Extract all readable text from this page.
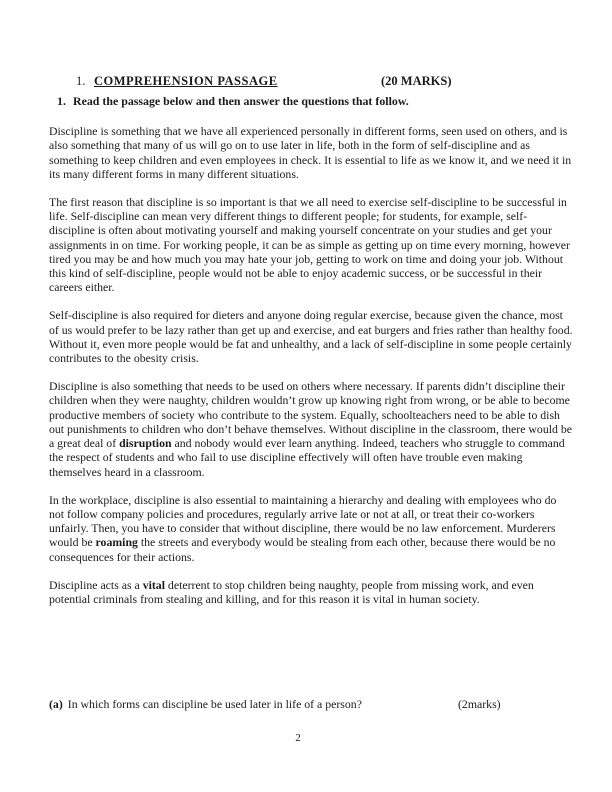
1. COMPREHENSION PASSAGE	(20 MARKS)
1. Read the passage below and then answer the questions that follow.

Discipline is something that we have all experienced personally in different forms, seen used on others, and is also something that many of us will go on to use later in life, both in the form of self-discipline and as something to keep children and even employees in check. It is essential to life as we know it, and we need it in its many different forms in many different situations.

The first reason that discipline is so important is that we all need to exercise self-discipline to be successful in life. Self-discipline can mean very different things to different people; for students, for example, self-discipline is often about motivating yourself and making yourself concentrate on your studies and get your assignments in on time. For working people, it can be as simple as getting up on time every morning, however tired you may be and how much you may hate your job, getting to work on time and doing your job. Without this kind of self-discipline, people would not be able to enjoy academic success, or be successful in their careers either.

Self-discipline is also required for dieters and anyone doing regular exercise, because given the chance, most of us would prefer to be lazy rather than get up and exercise, and eat burgers and fries rather than healthy food. Without it, even more people would be fat and unhealthy, and a lack of self-discipline in some people certainly contributes to the obesity crisis.

Discipline is also something that needs to be used on others where necessary. If parents didn’t discipline their children when they were naughty, children wouldn’t grow up knowing right from wrong, or be able to become productive members of society who contribute to the system. Equally, schoolteachers need to be able to dish out punishments to children who don’t behave themselves. Without discipline in the classroom, there would be a great deal of disruption and nobody would ever learn anything. Indeed, teachers who struggle to command the respect of students and who fail to use discipline effectively will often have trouble even making themselves heard in a classroom.

In the workplace, discipline is also essential to maintaining a hierarchy and dealing with employees who do not follow company policies and procedures, regularly arrive late or not at all, or treat their co-workers unfairly. Then, you have to consider that without discipline, there would be no law enforcement. Murderers would be roaming the streets and everybody would be stealing from each other, because there would be no consequences for their actions.

Discipline acts as a vital deterrent to stop children being naughty, people from missing work, and even potential criminals from stealing and killing, and for this reason it is vital in human society.

(a) In which forms can discipline be used later in life of a person?	(2marks)
2
